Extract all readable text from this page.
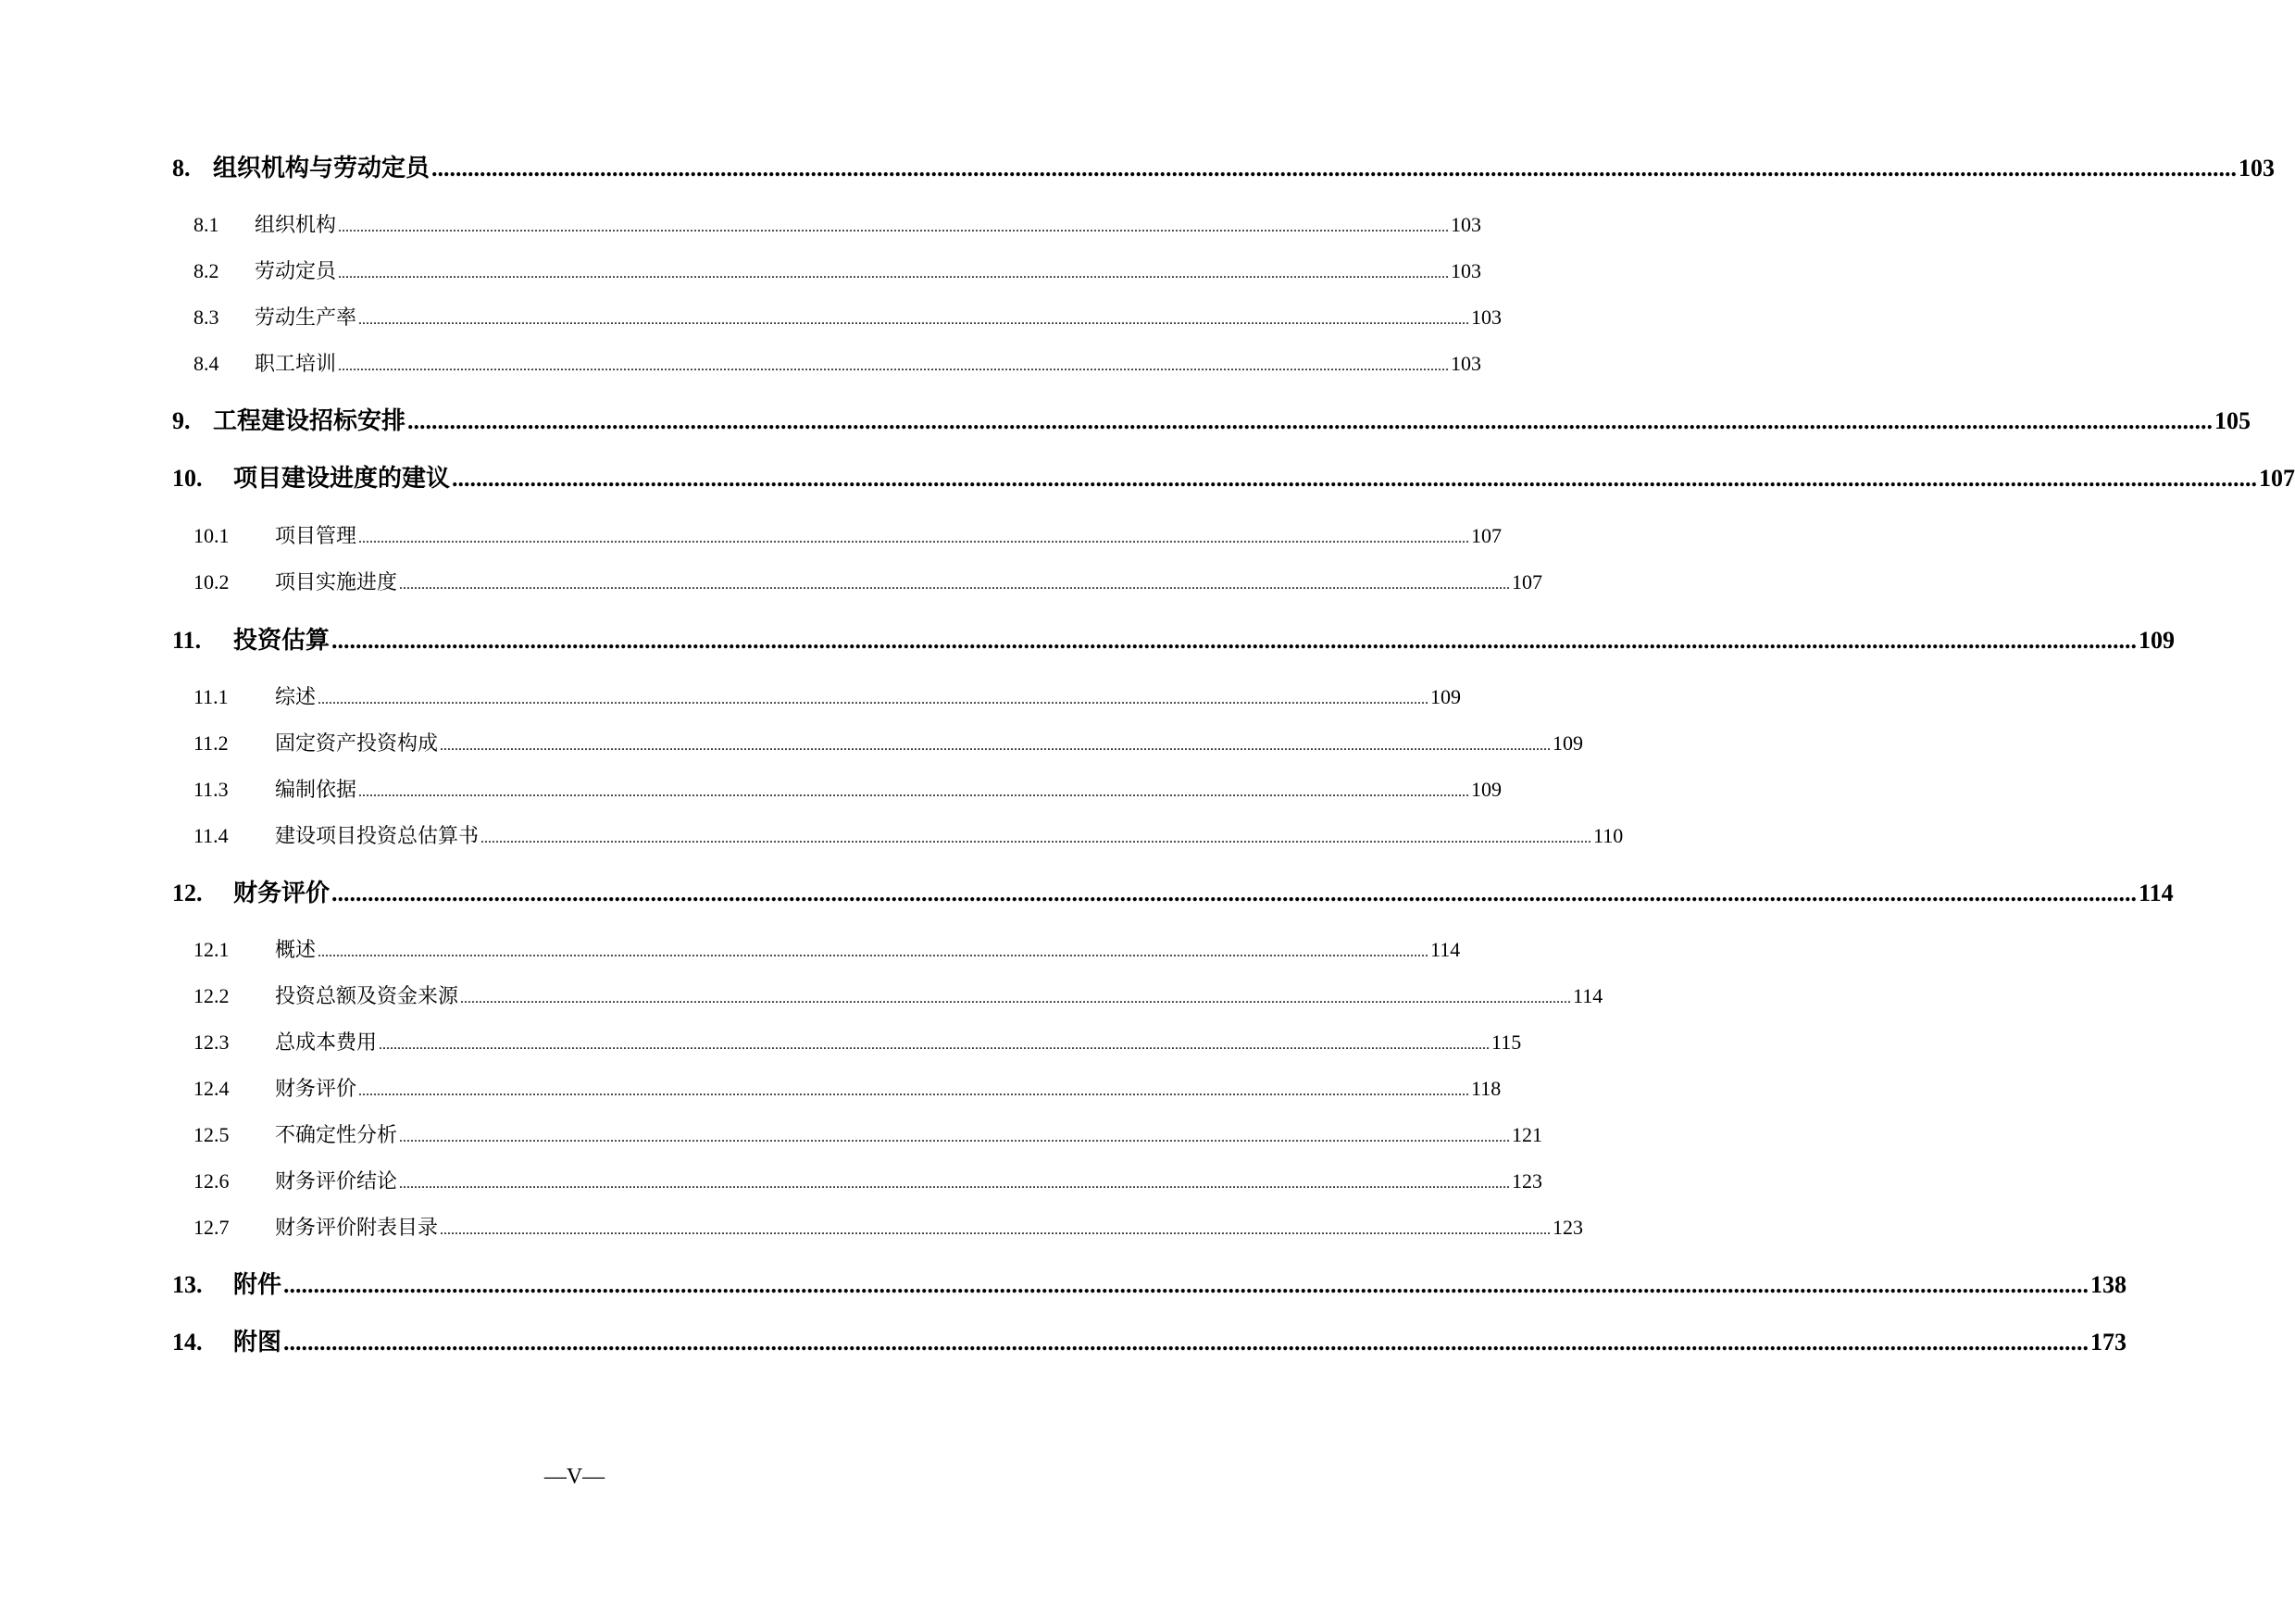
8. 组织机构与劳动定员 ............................................................................................................................................................................................................................................................................................................ 103
8.1	组织机构 ............................................................................................................................................................................................................................................................................................................ 103
8.2	劳动定员 ............................................................................................................................................................................................................................................................................................................ 103
8.3	劳动生产率 ............................................................................................................................................................................................................................................................................................................ 103
8.4	职工培训 ............................................................................................................................................................................................................................................................................................................ 103
9. 工程建设招标安排 ............................................................................................................................................................................................................................................................................................................ 105
10.	项目建设进度的建议 ............................................................................................................................................................................................................................................................................................................ 107
10.1	项目管理 ............................................................................................................................................................................................................................................................................................................ 107
10.2	项目实施进度 ............................................................................................................................................................................................................................................................................................................ 107
11.	投资估算 ............................................................................................................................................................................................................................................................................................................ 109
11.1	综述 ............................................................................................................................................................................................................................................................................................................ 109
11.2	固定资产投资构成 ............................................................................................................................................................................................................................................................................................................ 109
11.3	编制依据 ............................................................................................................................................................................................................................................................................................................ 109
11.4	建设项目投资总估算书 ............................................................................................................................................................................................................................................................................................................ 110
12.	财务评价 ............................................................................................................................................................................................................................................................................................................ 114
12.1	概述 ............................................................................................................................................................................................................................................................................................................ 114
12.2	投资总额及资金来源 ............................................................................................................................................................................................................................................................................................................ 114
12.3	总成本费用 ............................................................................................................................................................................................................................................................................................................ 115
12.4	财务评价 ............................................................................................................................................................................................................................................................................................................ 118
12.5	不确定性分析 ............................................................................................................................................................................................................................................................................................................ 121
12.6	财务评价结论 ............................................................................................................................................................................................................................................................................................................ 123
12.7	财务评价附表目录 ............................................................................................................................................................................................................................................................................................................ 123
13.	附件 ............................................................................................................................................................................................................................................................................................................ 138
14.	附图 ............................................................................................................................................................................................................................................................................................................ 173
—V—
